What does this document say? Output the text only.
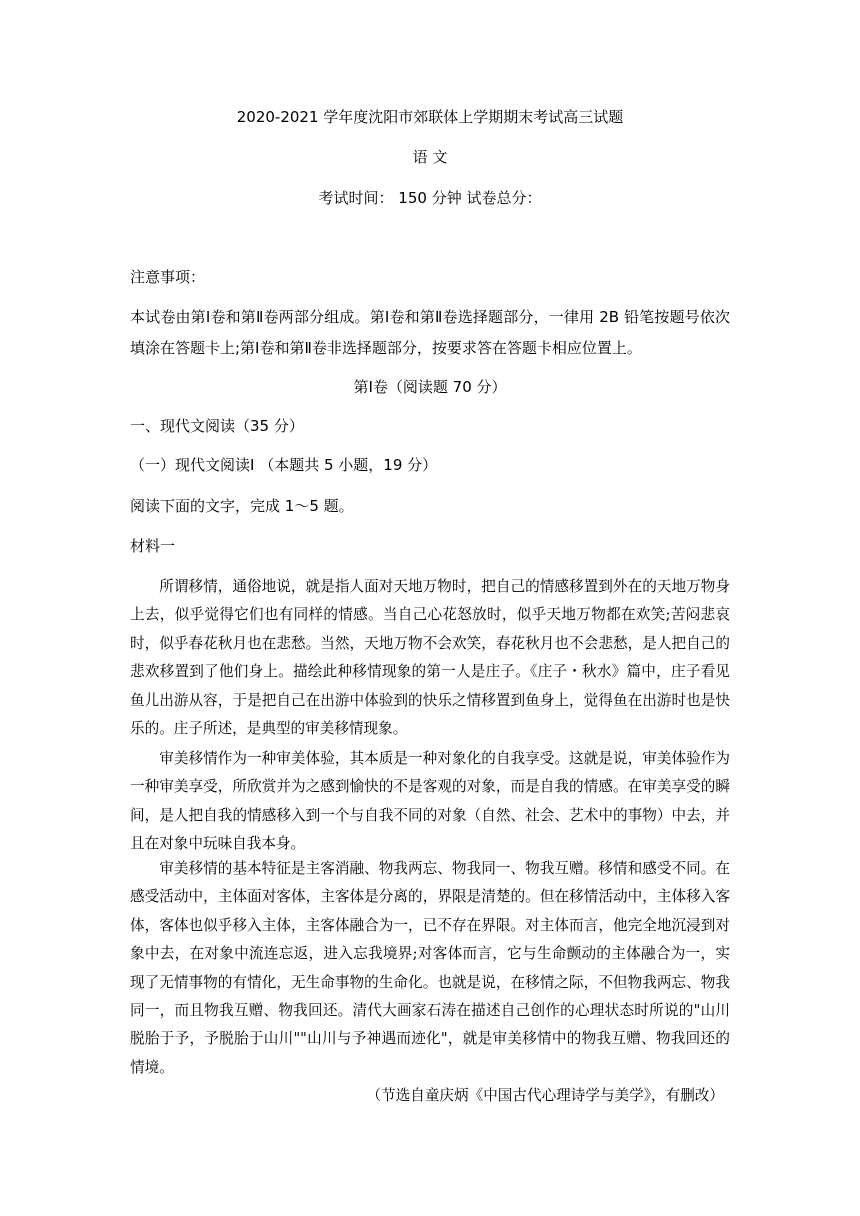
2020-2021 学年度沈阳市郊联体上学期期末考试高三试题
语 文
考试时间： 150 分钟 试卷总分：
注意事项：
本试卷由第Ⅰ卷和第Ⅱ卷两部分组成。第Ⅰ卷和第Ⅱ卷选择题部分，一律用 2B 铅笔按题号依次填涂在答题卡上;第Ⅰ卷和第Ⅱ卷非选择题部分，按要求答在答题卡相应位置上。
第Ⅰ卷（阅读题 70 分）
一、现代文阅读（35 分）
（一）现代文阅读Ⅰ （本题共 5 小题，19 分）
阅读下面的文字，完成 1～5 题。
材料一

所谓移情，通俗地说，就是指人面对天地万物时，把自己的情感移置到外在的天地万物身上去，似乎觉得它们也有同样的情感。当自己心花怒放时，似乎天地万物都在欢笑;苦闷悲哀时，似乎春花秋月也在悲愁。当然，天地万物不会欢笑，春花秋月也不会悲愁，是人把自己的悲欢移置到了他们身上。描绘此种移情现象的第一人是庄子。《庄子・秋水》篇中，庄子看见鱼儿出游从容，于是把自己在出游中体验到的快乐之情移置到鱼身上，觉得鱼在出游时也是快乐的。庄子所述，是典型的审美移情现象。

审美移情作为一种审美体验，其本质是一种对象化的自我享受。这就是说，审美体验作为一种审美享受，所欣赏并为之感到愉快的不是客观的对象，而是自我的情感。在审美享受的瞬间，是人把自我的情感移入到一个与自我不同的对象（自然、社会、艺术中的事物）中去，并且在对象中玩味自我本身。

审美移情的基本特征是主客消融、物我两忘、物我同一、物我互赠。移情和感受不同。在感受活动中，主体面对客体，主客体是分离的，界限是清楚的。但在移情活动中，主体移入客体，客体也似乎移入主体，主客体融合为一，已不存在界限。对主体而言，他完全地沉浸到对象中去，在对象中流连忘返，进入忘我境界;对客体而言，它与生命颤动的主体融合为一，实现了无情事物的有情化，无生命事物的生命化。也就是说，在移情之际，不但物我两忘、物我同一，而且物我互赠、物我回还。清代大画家石涛在描述自己创作的心理状态时所说的"山川脱胎于予，予脱胎于山川""山川与予神遇而迹化"，就是审美移情中的物我互赠、物我回还的情境。

（节选自童庆炳《中国古代心理诗学与美学》，有删改）
